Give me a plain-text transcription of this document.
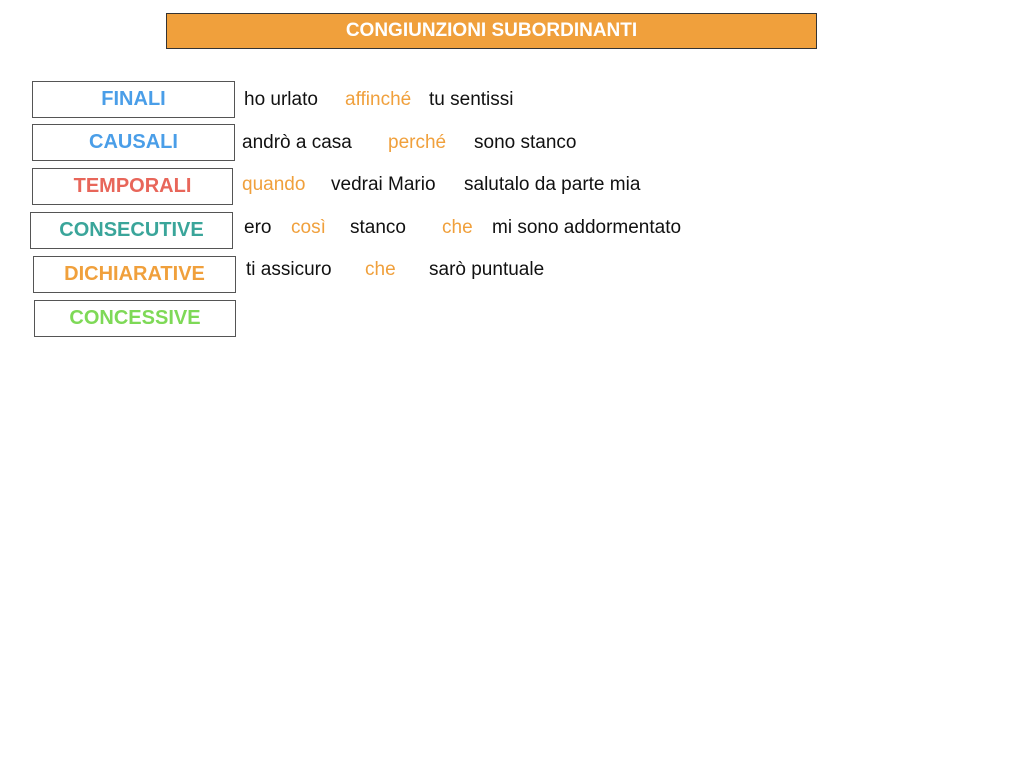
CONGIUNZIONI SUBORDINANTI
FINALI
CAUSALI
TEMPORALI
CONSECUTIVE
DICHIARATIVE
CONCESSIVE
ho urlato affinché tu sentissi
andrò a casa perché sono stanco
quando vedrai Mario salutalo da parte mia
ero così stanco che mi sono addormentato
ti assicuro che sarò puntuale
